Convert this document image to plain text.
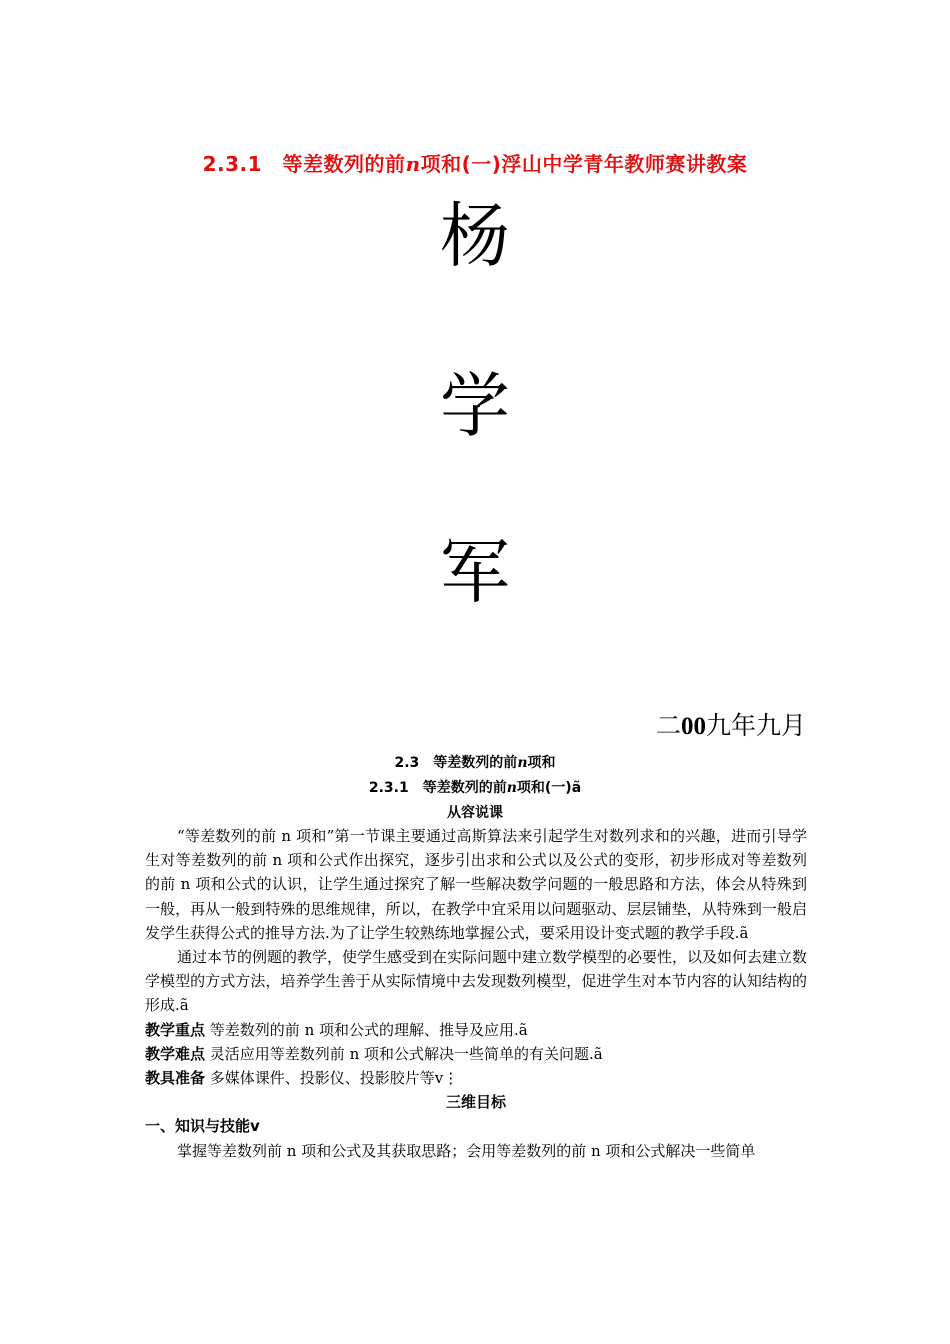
2.3.1　等差数列的前n项和(一)浮山中学青年教师赛讲教案
杨
学
军
二00九年九月
2.3　等差数列的前n项和
2.3.1　等差数列的前n项和(一)ã
从容说课

“等差数列的前 n 项和”第一节课主要通过高斯算法来引起学生对数列求和的兴趣，进而引导学生对等差数列的前 n 项和公式作出探究，逐步引出求和公式以及公式的变形，初步形成对等差数列的前 n 项和公式的认识，让学生通过探究了解一些解决数学问题的一般思路和方法，体会从特殊到一般，再从一般到特殊的思维规律，所以，在教学中宜采用以问题驱动、层层铺垫，从特殊到一般启发学生获得公式的推导方法.为了让学生较熟练地掌握公式，要采用设计变式题的教学手段.ã

通过本节的例题的教学，使学生感受到在实际问题中建立数学模型的必要性，以及如何去建立数学模型的方式方法，培养学生善于从实际情境中去发现数列模型，促进学生对本节内容的认知结构的形成.ã

教学重点 等差数列的前 n 项和公式的理解、推导及应用.ã

教学难点 灵活应用等差数列前 n 项和公式解决一些简单的有关问题.ã

教具准备 多媒体课件、投影仪、投影胶片等ⅴ⋮

三维目标

一、知识与技能ⅴ

掌握等差数列前 n 项和公式及其获取思路；会用等差数列的前 n 项和公式解决一些简单
